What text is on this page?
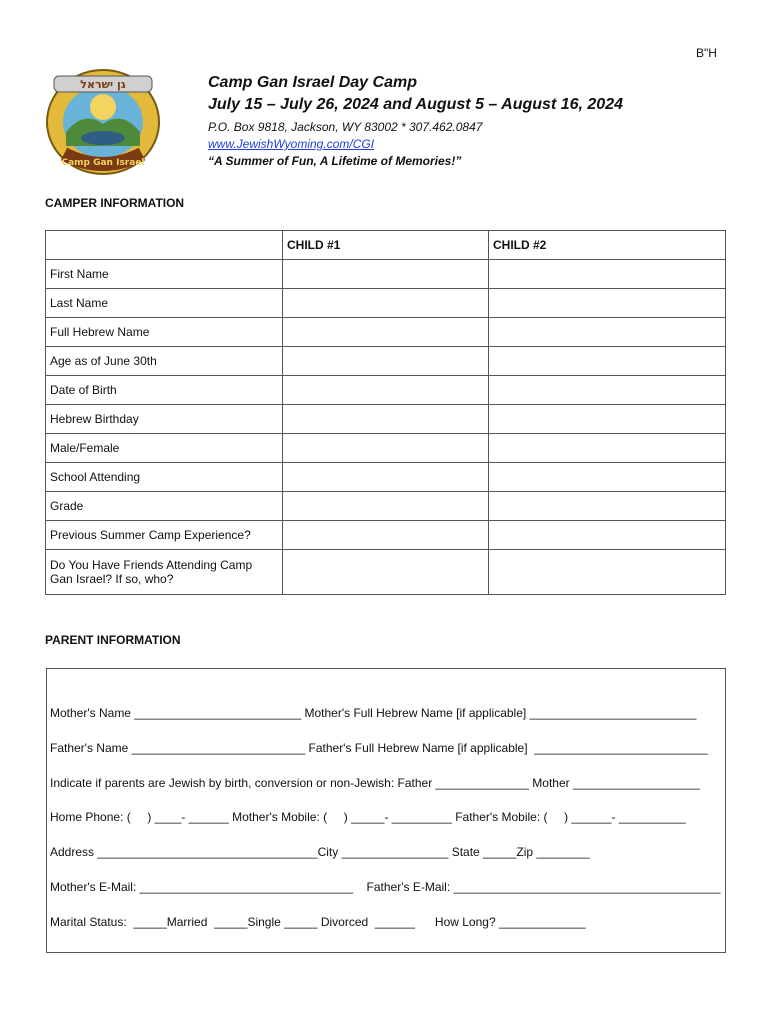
B"H
גן ישראל
Camp Gan Israel
Camp Gan Israel Day Camp
July 15 – July 26, 2024 and August 5 – August 16, 2024
P.O. Box 9818, Jackson, WY 83002 * 307.462.0847
www.JewishWyoming.com/CGI
“A Summer of Fun, A Lifetime of Memories!”
CAMPER INFORMATION
	CHILD #1	CHILD #2
First Name		
Last Name		
Full Hebrew Name		
Age as of June 30th		
Date of Birth		
Hebrew Birthday		
Male/Female		
School Attending		
Grade		
Previous Summer Camp Experience?		

Do You Have Friends Attending Camp
Gan Israel? If so, who?		

PARENT INFORMATION
Mother's Name _________________________ Mother's Full Hebrew Name [if applicable] _________________________
Father's Name __________________________ Father's Full Hebrew Name [if applicable]  __________________________
Indicate if parents are Jewish by birth, conversion or non-Jewish: Father ______________ Mother ___________________
Home Phone: (     ) ____- ______ Mother's Mobile: (     ) _____- _________ Father's Mobile: (     ) ______- __________
Address _________________________________City ________________ State _____Zip ________
Mother's E-Mail: ________________________________    Father's E-Mail: ________________________________________
Marital Status:  _____Married  _____Single _____ Divorced  ______      How Long? _____________
